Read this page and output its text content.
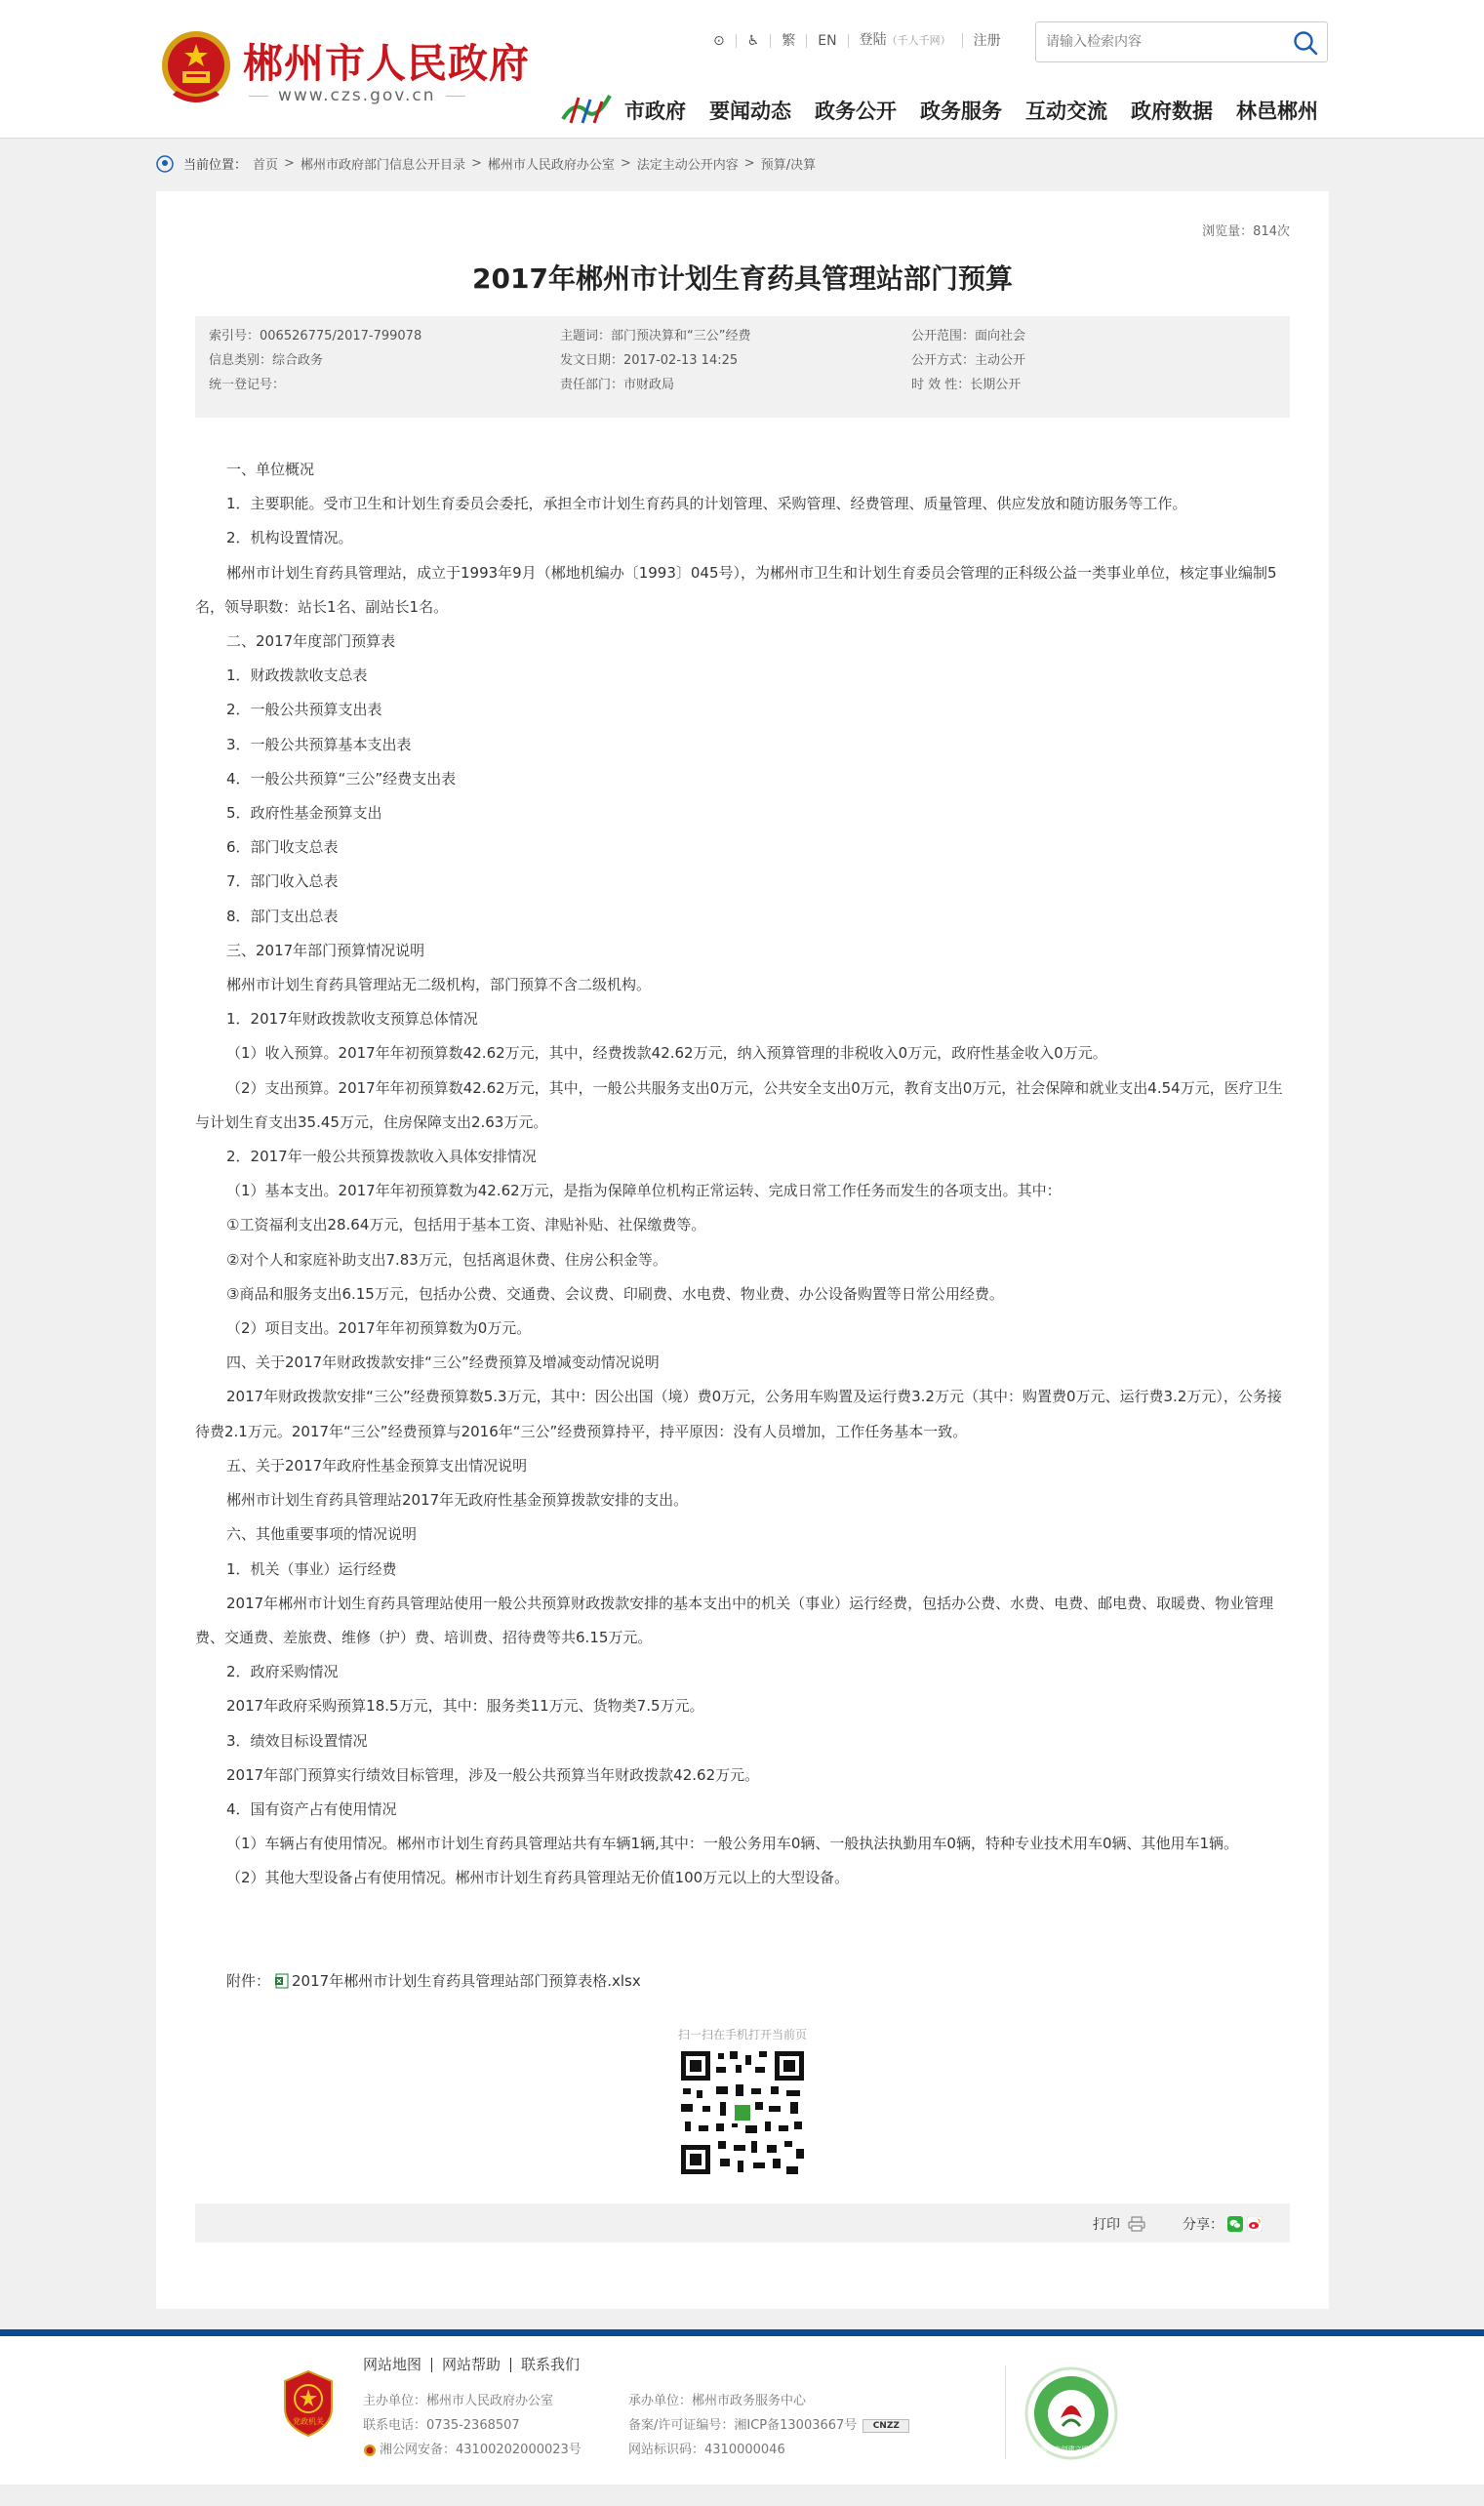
郴州市人民政府
www.czs.gov.cn
⊙	♿	繁	EN	登陆（千人千网）	注册
请输入检索内容
市政府 要闻动态 政务公开 政务服务 互动交流 政府数据 林邑郴州
当前位置： 首页 > 郴州市政府部门信息公开目录 > 郴州市人民政府办公室 > 法定主动公开内容 > 预算/决算
浏览量：814次
2017年郴州市计划生育药具管理站部门预算
索引号：006526775/2017-799078	主题词：部门预决算和“三公”经费	公开范围：面向社会
信息类别：综合政务	发文日期：2017-02-13 14:25	公开方式：主动公开
统一登记号：	责任部门：市财政局	时 效 性：长期公开

一、单位概况

1．主要职能。受市卫生和计划生育委员会委托，承担全市计划生育药具的计划管理、采购管理、经费管理、质量管理、供应发放和随访服务等工作。

2．机构设置情况。

郴州市计划生育药具管理站，成立于1993年9月（郴地机编办〔1993〕045号），为郴州市卫生和计划生育委员会管理的正科级公益一类事业单位，核定事业编制5名，领导职数：站长1名、副站长1名。

二、2017年度部门预算表

1．财政拨款收支总表

2．一般公共预算支出表

3．一般公共预算基本支出表

4．一般公共预算“三公”经费支出表

5．政府性基金预算支出

6．部门收支总表

7．部门收入总表

8．部门支出总表

三、2017年部门预算情况说明

郴州市计划生育药具管理站无二级机构，部门预算不含二级机构。

1．2017年财政拨款收支预算总体情况

（1）收入预算。2017年年初预算数42.62万元，其中，经费拨款42.62万元，纳入预算管理的非税收入0万元，政府性基金收入0万元。

（2）支出预算。2017年年初预算数42.62万元，其中，一般公共服务支出0万元，公共安全支出0万元，教育支出0万元，社会保障和就业支出4.54万元，医疗卫生与计划生育支出35.45万元，住房保障支出2.63万元。

2．2017年一般公共预算拨款收入具体安排情况

（1）基本支出。2017年年初预算数为42.62万元，是指为保障单位机构正常运转、完成日常工作任务而发生的各项支出。其中：

①工资福利支出28.64万元，包括用于基本工资、津贴补贴、社保缴费等。

②对个人和家庭补助支出7.83万元，包括离退休费、住房公积金等。

③商品和服务支出6.15万元，包括办公费、交通费、会议费、印刷费、水电费、物业费、办公设备购置等日常公用经费。

（2）项目支出。2017年年初预算数为0万元。

四、关于2017年财政拨款安排“三公”经费预算及增减变动情况说明

2017年财政拨款安排“三公”经费预算数5.3万元，其中：因公出国（境）费0万元，公务用车购置及运行费3.2万元（其中：购置费0万元、运行费3.2万元），公务接待费2.1万元。2017年“三公”经费预算与2016年“三公”经费预算持平，持平原因：没有人员增加，工作任务基本一致。

五、关于2017年政府性基金预算支出情况说明

郴州市计划生育药具管理站2017年无政府性基金预算拨款安排的支出。

六、其他重要事项的情况说明

1．机关（事业）运行经费

2017年郴州市计划生育药具管理站使用一般公共预算财政拨款安排的基本支出中的机关（事业）运行经费，包括办公费、水费、电费、邮电费、取暖费、物业管理费、交通费、差旅费、维修（护）费、培训费、招待费等共6.15万元。

2．政府采购情况

2017年政府采购预算18.5万元，其中：服务类11万元、货物类7.5万元。

3．绩效目标设置情况

2017年部门预算实行绩效目标管理，涉及一般公共预算当年财政拨款42.62万元。

4．国有资产占有使用情况

（1）车辆占有使用情况。郴州市计划生育药具管理站共有车辆1辆,其中：一般公务用车0辆、一般执法执勤用车0辆，特种专业技术用车0辆、其他用车1辆。

（2）其他大型设备占有使用情况。郴州市计划生育药具管理站无价值100万元以上的大型设备。

附件： 2017年郴州市计划生育药具管理站部门预算表格.xlsx
扫一扫在手机打开当前页
打印	分享：
党政机关
网站地图	网站帮助	联系我们
主办单位：郴州市人民政府办公室	承办单位：郴州市政务服务中心
联系电话：0735-2368507	备案/许可证编号：湘ICP备13003667号	CNZZ
湘公网安备：43100202000023号	网站标识码：4310000046	郴州市创建文明城市
